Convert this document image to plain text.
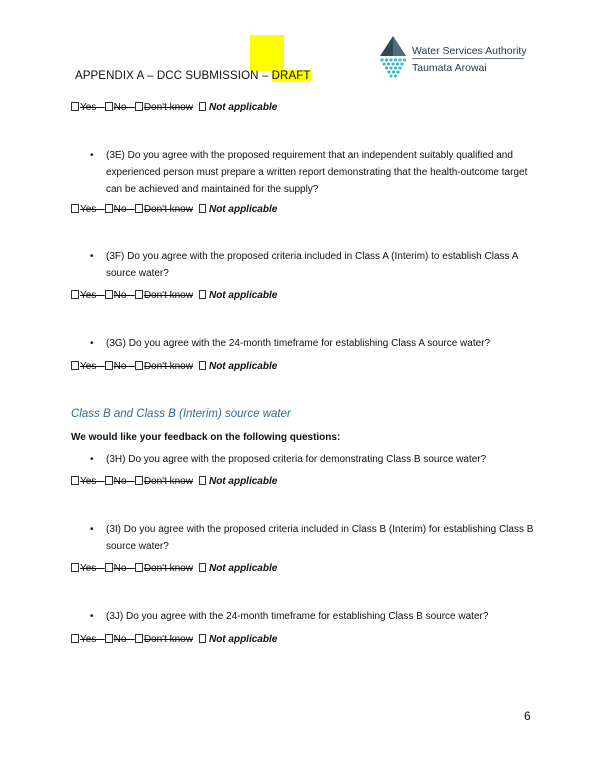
APPENDIX A – DCC SUBMISSION – DRAFT
Water Services Authority
Taumata Arowai
Yes No Don't know Not applicable
• (3E) Do you agree with the proposed requirement that an independent suitably qualified and experienced person must prepare a written report demonstrating that the health-outcome target can be achieved and maintained for the supply?
Yes No Don't know Not applicable
• (3F) Do you agree with the proposed criteria included in Class A (Interim) to establish Class A source water?
Yes No Don't know Not applicable
• (3G) Do you agree with the 24-month timeframe for establishing Class A source water?
Yes No Don't know Not applicable
Class B and Class B (Interim) source water
We would like your feedback on the following questions:
• (3H) Do you agree with the proposed criteria for demonstrating Class B source water?
Yes No Don't know Not applicable
• (3I) Do you agree with the proposed criteria included in Class B (Interim) for establishing Class B source water?
Yes No Don't know Not applicable
• (3J) Do you agree with the 24-month timeframe for establishing Class B source water?
Yes No Don't know Not applicable
6
